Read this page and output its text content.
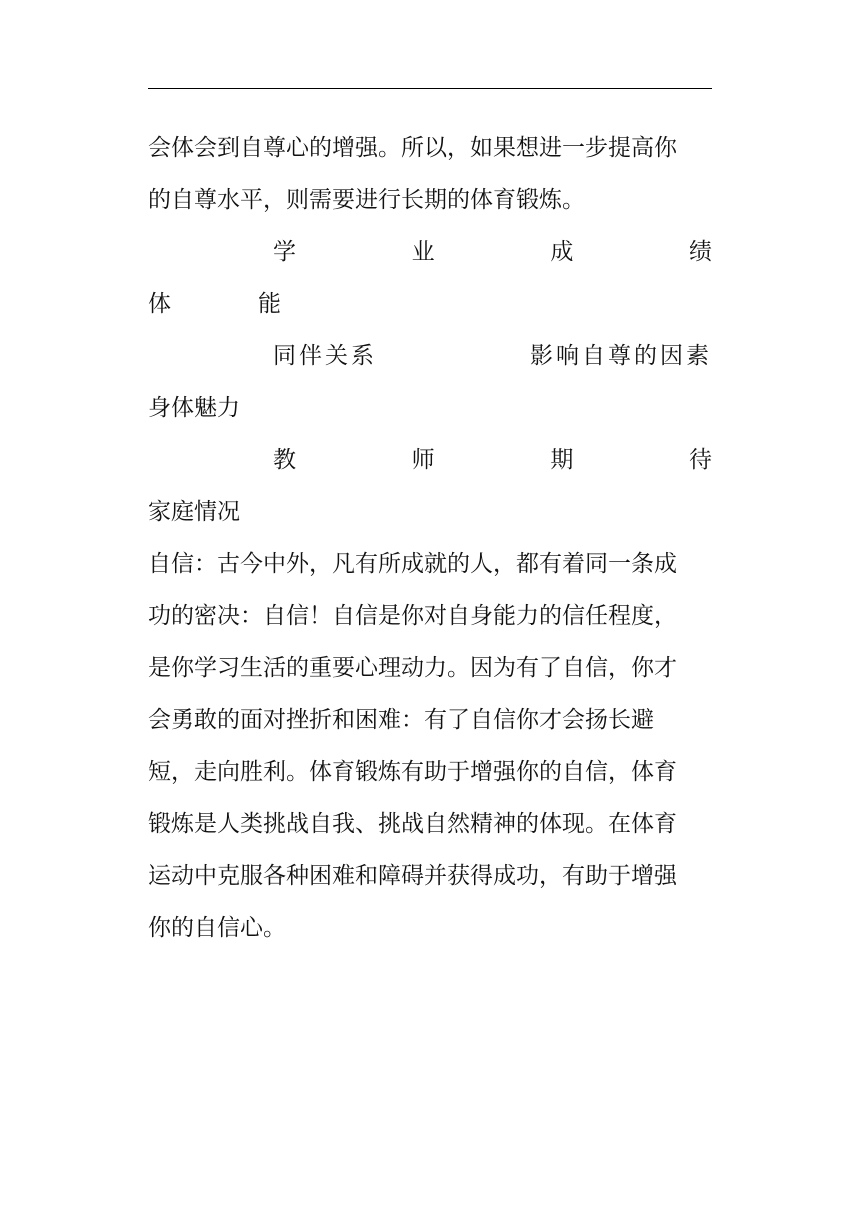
会体会到自尊心的增强。所以，如果想进一步提高你
的自尊水平，则需要进行长期的体育锻炼。
学	业	成	绩
体	能
同伴关系	影响自尊的因素
身体魅力
教	师	期	待
家庭情况
自信：古今中外，凡有所成就的人，都有着同一条成
功的密决：自信！自信是你对自身能力的信任程度，
是你学习生活的重要心理动力。因为有了自信，你才
会勇敢的面对挫折和困难：有了自信你才会扬长避
短，走向胜利。体育锻炼有助于增强你的自信，体育
锻炼是人类挑战自我、挑战自然精神的体现。在体育
运动中克服各种困难和障碍并获得成功，有助于增强
你的自信心。
